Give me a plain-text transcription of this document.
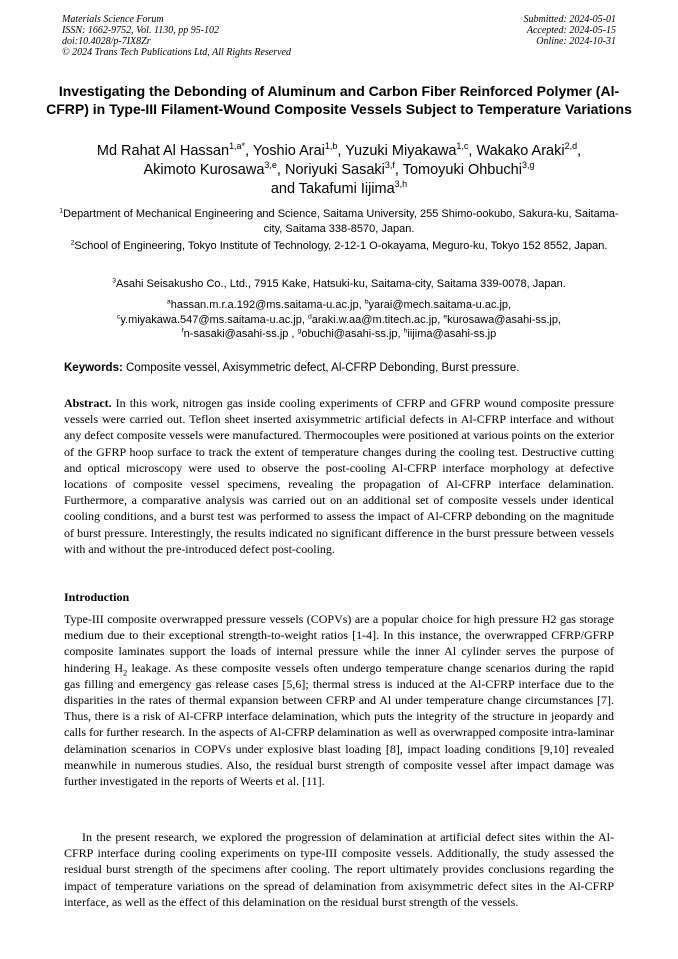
Materials Science Forum
ISSN: 1662-9752, Vol. 1130, pp 95-102
doi:10.4028/p-7IX8Zr
© 2024 Trans Tech Publications Ltd, All Rights Reserved
Submitted: 2024-05-01
Accepted: 2024-05-15
Online: 2024-10-31
Investigating the Debonding of Aluminum and Carbon Fiber Reinforced Polymer (Al-CFRP) in Type-III Filament-Wound Composite Vessels Subject to Temperature Variations
Md Rahat Al Hassan$^{1,a*}$, Yoshio Arai$^{1,b}$, Yuzuki Miyakawa$^{1,c}$, Wakako Araki$^{2,d}$,
Akimoto Kurosawa$^{3,e}$, Noriyuki Sasaki$^{3,f}$, Tomoyuki Ohbuchi$^{3,g}$
and Takafumi Iijima$^{3,h}$
$^1$Department of Mechanical Engineering and Science, Saitama University, 255 Shimo-ookubo, Sakura-ku, Saitama-city, Saitama 338-8570, Japan.
$^2$School of Engineering, Tokyo Institute of Technology, 2-12-1 O-okayama, Meguro-ku, Tokyo 152 8552, Japan.
$^3$Asahi Seisakusho Co., Ltd., 7915 Kake, Hatsuki-ku, Saitama-city, Saitama 339-0078, Japan.
$^a$hassan.m.r.a.192@ms.saitama-u.ac.jp, $^b$yarai@mech.saitama-u.ac.jp,
$^c$y.miyakawa.547@ms.saitama-u.ac.jp, $^d$araki.w.aa@m.titech.ac.jp, $^e$kurosawa@asahi-ss.jp,
$^f$n-sasaki@asahi-ss.jp , $^g$obuchi@asahi-ss.jp, $^h$iijima@asahi-ss.jp
Keywords: Composite vessel, Axisymmetric defect, Al-CFRP Debonding, Burst pressure.
Abstract. In this work, nitrogen gas inside cooling experiments of CFRP and GFRP wound composite pressure vessels were carried out. Teflon sheet inserted axisymmetric artificial defects in Al-CFRP interface and without any defect composite vessels were manufactured. Thermocouples were positioned at various points on the exterior of the GFRP hoop surface to track the extent of temperature changes during the cooling test. Destructive cutting and optical microscopy were used to observe the post-cooling Al-CFRP interface morphology at defective locations of composite vessel specimens, revealing the propagation of Al-CFRP interface delamination. Furthermore, a comparative analysis was carried out on an additional set of composite vessels under identical cooling conditions, and a burst test was performed to assess the impact of Al-CFRP debonding on the magnitude of burst pressure. Interestingly, the results indicated no significant difference in the burst pressure between vessels with and without the pre-introduced defect post-cooling.
Introduction
Type-III composite overwrapped pressure vessels (COPVs) are a popular choice for high pressure H2 gas storage medium due to their exceptional strength-to-weight ratios [1-4]. In this instance, the overwrapped CFRP/GFRP composite laminates support the loads of internal pressure while the inner Al cylinder serves the purpose of hindering $H_2$ leakage. As these composite vessels often undergo temperature change scenarios during the rapid gas filling and emergency gas release cases [5,6]; thermal stress is induced at the Al-CFRP interface due to the disparities in the rates of thermal expansion between CFRP and Al under temperature change circumstances [7]. Thus, there is a risk of Al-CFRP interface delamination, which puts the integrity of the structure in jeopardy and calls for further research. In the aspects of Al-CFRP delamination as well as overwrapped composite intra-laminar delamination scenarios in COPVs under explosive blast loading [8], impact loading conditions [9,10] revealed meanwhile in numerous studies. Also, the residual burst strength of composite vessel after impact damage was further investigated in the reports of Weerts et al. [11].
In the present research, we explored the progression of delamination at artificial defect sites within the Al-CFRP interface during cooling experiments on type-III composite vessels. Additionally, the study assessed the residual burst strength of the specimens after cooling. The report ultimately provides conclusions regarding the impact of temperature variations on the spread of delamination from axisymmetric defect sites in the Al-CFRP interface, as well as the effect of this delamination on the residual burst strength of the vessels.
